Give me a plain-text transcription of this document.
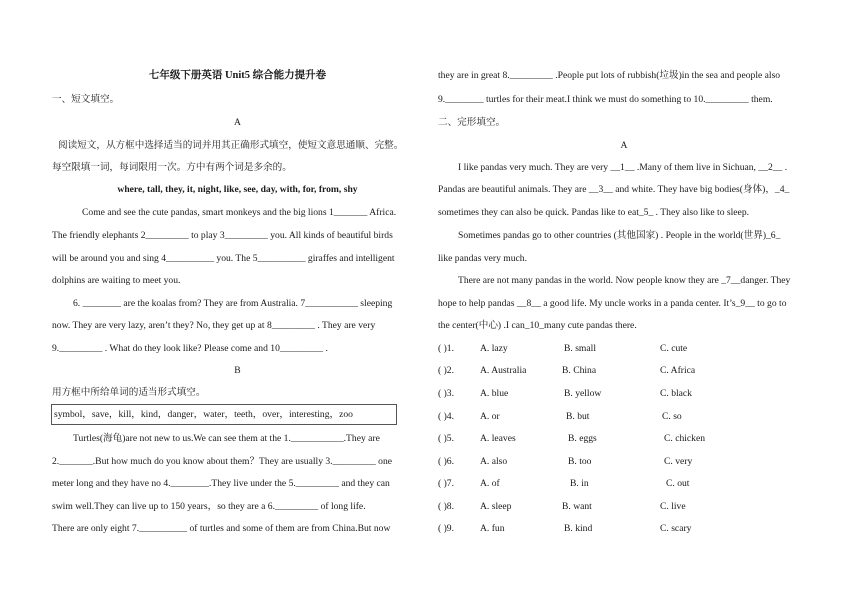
七年级下册英语 Unit5 综合能力提升卷
一、短文填空。
A
阅读短文，从方框中选择适当的词并用其正确形式填空，使短文意思通顺、完整。
每空限填一词，每词限用一次。方中有两个词是多余的。
where, tall, they, it, night, like, see, day, with, for, from, shy
Come and see the cute pandas, smart monkeys and the big lions 1_______ Africa.
The friendly elephants 2_________ to play 3_________ you. All kinds of beautiful birds
will be around you and sing 4__________ you. The 5__________ giraffes and intelligent
dolphins are waiting to meet you.
6. ________ are the koalas from? They are from Australia. 7___________ sleeping
now. They are very lazy, aren’t they? No, they get up at 8_________ . They are very
9._________ . What do they look like? Please come and 10_________ .
B
用方框中所给单词的适当形式填空。
symbol，save，kill，kind，danger，water，teeth，over，interesting，zoo
Turtles(海龟)are not new to us.We can see them at the 1.___________.They are
2._______.But how much do you know about them？They are usually 3._________ one
meter long and they have no 4.________.They live under the 5._________ and they can
swim well.They can live up to 150 years，so they are a 6._________ of long life.
There are only eight 7.__________ of turtles and some of them are from China.But now
they are in great 8._________ .People put lots of rubbish(垃圾)in the sea and people also
9.________ turtles for their meat.I think we must do something to 10._________ them.
二、完形填空。
A
I like pandas very much. They are very __1__ .Many of them live in Sichuan, __2__ .
Pandas are beautiful animals. They are __3__ and white. They have big bodies(身体)，_4_
sometimes they can also be quick. Pandas like to eat_5_ . They also like to sleep.
Sometimes pandas go to other countries (其他国家) . People in the world(世界)_6_
like pandas very much.
There are not many pandas in the world. Now people know they are _7__danger. They
hope to help pandas __8__ a good life. My uncle works in a panda center. It’s_9__ to go to
the center(中心) .I can_10_many cute pandas there.
( )1.	A. lazy	B. small	C. cute
( )2.	A. Australia	B. China	C. Africa
( )3.	A. blue	B. yellow	C. black
( )4.	A. or	B. but	C. so
( )5.	A. leaves	B. eggs	C. chicken
( )6.	A. also	B. too	C. very
( )7.	A. of	B. in	C. out
( )8.	A. sleep	B. want	C. live
( )9.	A. fun	B. kind	C. scary
